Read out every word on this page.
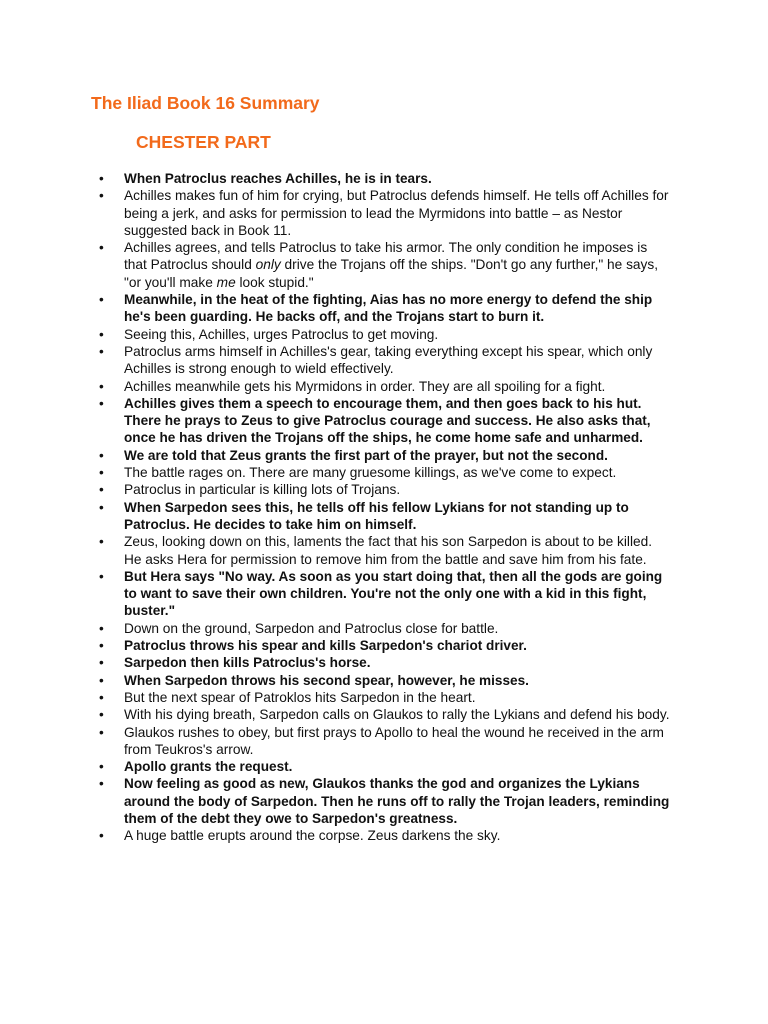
The Iliad Book 16 Summary
CHESTER PART
• When Patroclus reaches Achilles, he is in tears.
• Achilles makes fun of him for crying, but Patroclus defends himself. He tells off Achilles for being a jerk, and asks for permission to lead the Myrmidons into battle – as Nestor suggested back in Book 11.
• Achilles agrees, and tells Patroclus to take his armor. The only condition he imposes is that Patroclus should only drive the Trojans off the ships. "Don't go any further," he says, "or you'll make me look stupid."
• Meanwhile, in the heat of the fighting, Aias has no more energy to defend the ship he's been guarding. He backs off, and the Trojans start to burn it.
• Seeing this, Achilles, urges Patroclus to get moving.
• Patroclus arms himself in Achilles's gear, taking everything except his spear, which only Achilles is strong enough to wield effectively.
• Achilles meanwhile gets his Myrmidons in order. They are all spoiling for a fight.
• Achilles gives them a speech to encourage them, and then goes back to his hut. There he prays to Zeus to give Patroclus courage and success. He also asks that, once he has driven the Trojans off the ships, he come home safe and unharmed.
• We are told that Zeus grants the first part of the prayer, but not the second.
• The battle rages on. There are many gruesome killings, as we've come to expect.
• Patroclus in particular is killing lots of Trojans.
• When Sarpedon sees this, he tells off his fellow Lykians for not standing up to Patroclus. He decides to take him on himself.
• Zeus, looking down on this, laments the fact that his son Sarpedon is about to be killed. He asks Hera for permission to remove him from the battle and save him from his fate.
• But Hera says "No way. As soon as you start doing that, then all the gods are going to want to save their own children. You're not the only one with a kid in this fight, buster."
• Down on the ground, Sarpedon and Patroclus close for battle.
• Patroclus throws his spear and kills Sarpedon's chariot driver.
• Sarpedon then kills Patroclus's horse.
• When Sarpedon throws his second spear, however, he misses.
• But the next spear of Patroklos hits Sarpedon in the heart.
• With his dying breath, Sarpedon calls on Glaukos to rally the Lykians and defend his body.
• Glaukos rushes to obey, but first prays to Apollo to heal the wound he received in the arm from Teukros's arrow.
• Apollo grants the request.
• Now feeling as good as new, Glaukos thanks the god and organizes the Lykians around the body of Sarpedon. Then he runs off to rally the Trojan leaders, reminding them of the debt they owe to Sarpedon's greatness.
• A huge battle erupts around the corpse. Zeus darkens the sky.
